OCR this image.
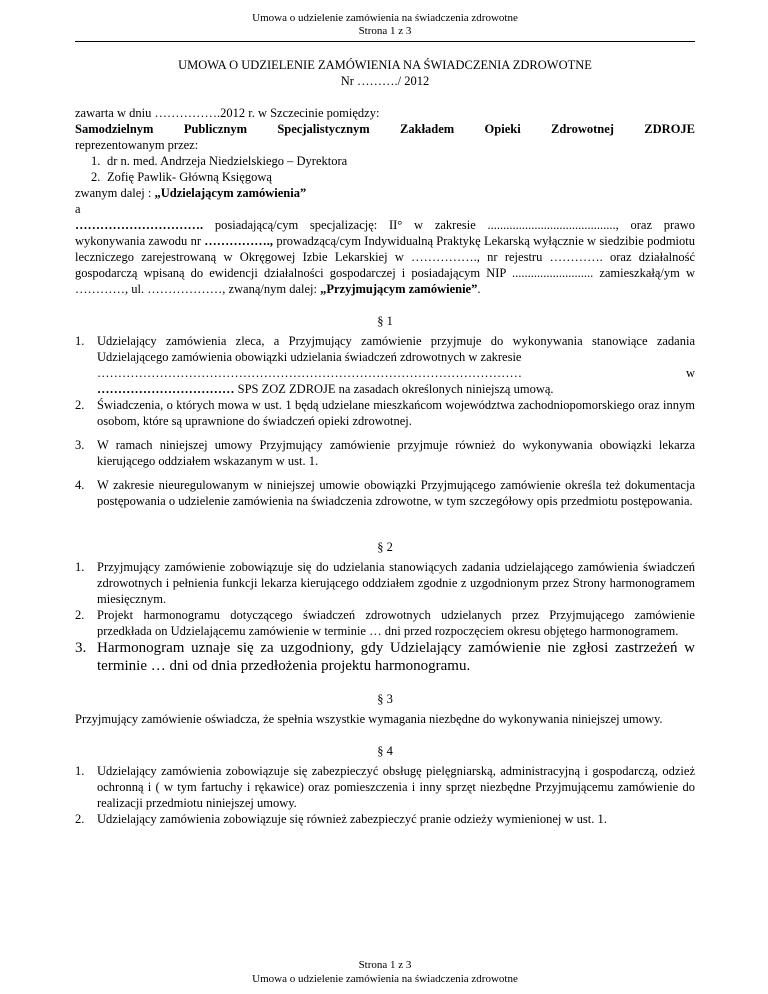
Umowa o udzielenie zamówienia na świadczenia zdrowotne
Strona 1 z 3

UMOWA O UDZIELENIE ZAMÓWIENIA NA ŚWIADCZENIA ZDROWOTNE

Nr ………./ 2012

zawarta w dniu …………….2012 r. w Szczecinie pomiędzy:

Samodzielnym Publicznym Specjalistycznym Zakładem Opieki Zdrowotnej ZDROJE

reprezentowanym przez:

1. dr n. med. Andrzeja Niedzielskiego – Dyrektora
2. Zofię Pawlik- Główną Księgową

zwanym dalej : „Udzielającym zamówienia”

a

…………………………. posiadającą/cym specjalizację: II° w zakresie ........................................., oraz prawo wykonywania zawodu nr ……………., prowadzącą/cym Indywidualną Praktykę Lekarską wyłącznie w siedzibie podmiotu leczniczego zarejestrowaną w Okręgowej Izbie Lekarskiej w ……………., nr rejestru …………. oraz działalność gospodarczą wpisaną do ewidencji działalności gospodarczej i posiadającym NIP .......................... zamieszkałą/ym w …………, ul. ………………, zwaną/nym dalej: „Przyjmującym zamówienie”.

§ 1

1. Udzielający zamówienia zleca, a Przyjmujący zamówienie przyjmuje do wykonywania stanowiące zadania Udzielającego zamówienia obowiązki udzielania świadczeń zdrowotnych w zakresie
…………………………………………………………………………………………	w
…………………………… SPS ZOZ ZDROJE na zasadach określonych niniejszą umową.
2. Świadczenia, o których mowa w ust. 1 będą udzielane mieszkańcom województwa zachodniopomorskiego oraz innym osobom, które są uprawnione do świadczeń opieki zdrowotnej.
3. W ramach niniejszej umowy Przyjmujący zamówienie przyjmuje również do wykonywania obowiązki lekarza kierującego oddziałem wskazanym w ust. 1.
4. W zakresie nieuregulowanym w niniejszej umowie obowiązki Przyjmującego zamówienie określa też dokumentacja postępowania o udzielenie zamówienia na świadczenia zdrowotne, w tym szczegółowy opis przedmiotu postępowania.

§ 2

1. Przyjmujący zamówienie zobowiązuje się do udzielania stanowiących zadania udzielającego zamówienia świadczeń zdrowotnych i pełnienia funkcji lekarza kierującego oddziałem zgodnie z uzgodnionym przez Strony harmonogramem miesięcznym.
2. Projekt harmonogramu dotyczącego świadczeń zdrowotnych udzielanych przez Przyjmującego zamówienie przedkłada on Udzielającemu zamówienie w terminie … dni przed rozpoczęciem okresu objętego harmonogramem.
3. Harmonogram uznaje się za uzgodniony, gdy Udzielający zamówienie nie zgłosi zastrzeżeń w terminie … dni od dnia przedłożenia projektu harmonogramu.

§ 3

Przyjmujący zamówienie oświadcza, że spełnia wszystkie wymagania niezbędne do wykonywania niniejszej umowy.

§ 4

1. Udzielający zamówienia zobowiązuje się zabezpieczyć obsługę pielęgniarską, administracyjną i gospodarczą, odzież ochronną i ( w tym fartuchy i rękawice) oraz pomieszczenia i inny sprzęt niezbędne Przyjmującemu zamówienie do realizacji przedmiotu niniejszej umowy.
2. Udzielający zamówienia zobowiązuje się również zabezpieczyć pranie odzieży wymienionej w ust. 1.
Strona 1 z 3
Umowa o udzielenie zamówienia na świadczenia zdrowotne
